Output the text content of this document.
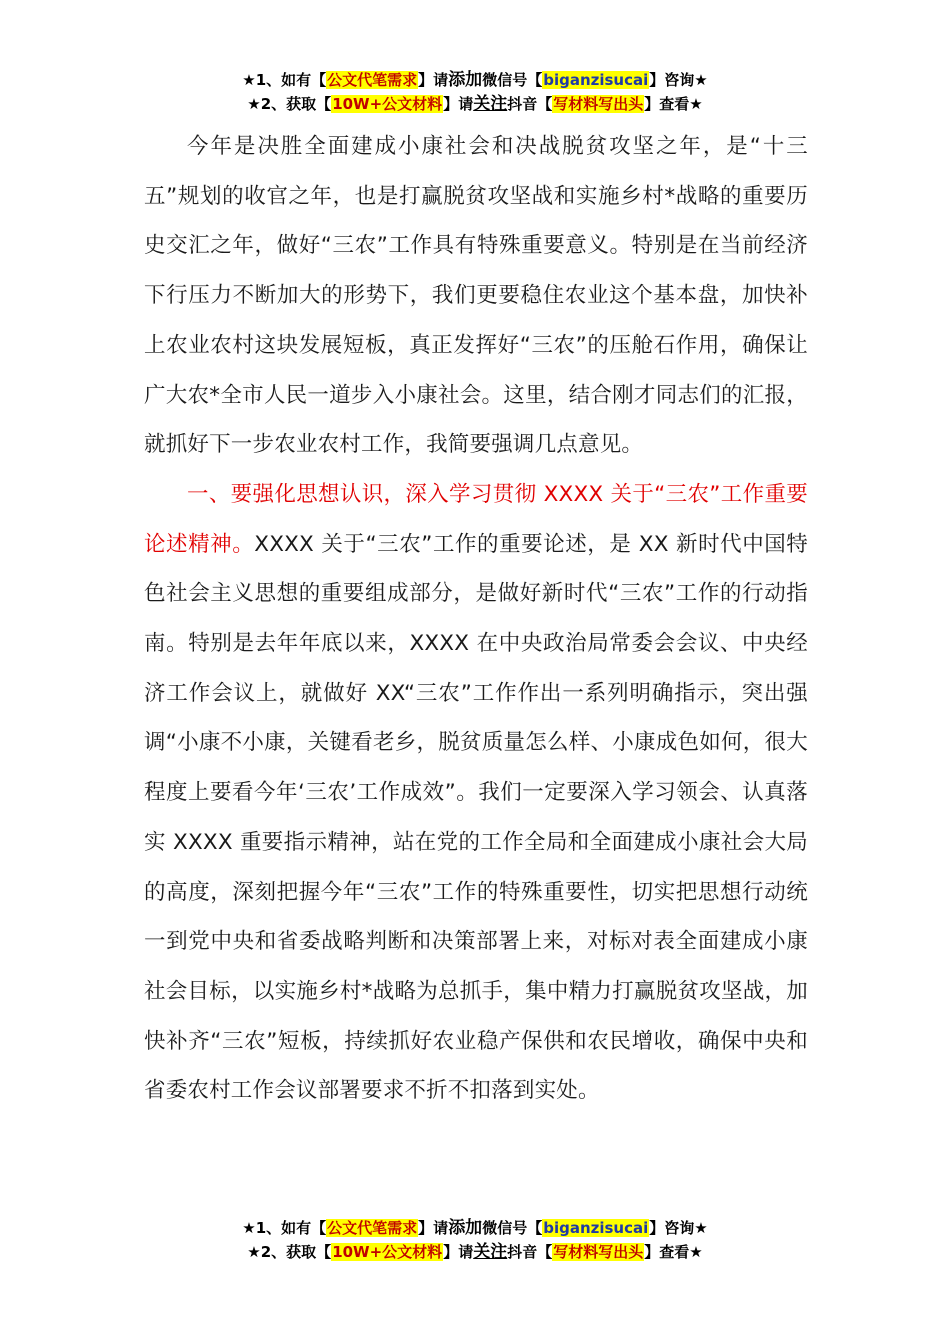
★1、如有【公文代笔需求】请添加微信号【biganzisucai】咨询★
★2、获取【10W+公文材料】请关注抖音【写材料写出头】查看★

今年是决胜全面建成小康社会和决战脱贫攻坚之年，是“十三五”规划的收官之年，也是打赢脱贫攻坚战和实施乡村*战略的重要历史交汇之年，做好“三农”工作具有特殊重要意义。特别是在当前经济下行压力不断加大的形势下，我们更要稳住农业这个基本盘，加快补上农业农村这块发展短板，真正发挥好“三农”的压舱石作用，确保让广大农*全市人民一道步入小康社会。这里，结合刚才同志们的汇报，就抓好下一步农业农村工作，我简要强调几点意见。

一、要强化思想认识，深入学习贯彻 XXXX 关于“三农”工作重要论述精神。XXXX 关于“三农”工作的重要论述，是 XX 新时代中国特色社会主义思想的重要组成部分，是做好新时代“三农”工作的行动指南。特别是去年年底以来，XXXX 在中央政治局常委会会议、中央经济工作会议上，就做好 XX“三农”工作作出一系列明确指示，突出强调“小康不小康，关键看老乡，脱贫质量怎么样、小康成色如何，很大程度上要看今年‘三农’工作成效”。我们一定要深入学习领会、认真落实 XXXX 重要指示精神，站在党的工作全局和全面建成小康社会大局的高度，深刻把握今年“三农”工作的特殊重要性，切实把思想行动统一到党中央和省委战略判断和决策部署上来，对标对表全面建成小康社会目标，以实施乡村*战略为总抓手，集中精力打赢脱贫攻坚战，加快补齐“三农”短板，持续抓好农业稳产保供和农民增收，确保中央和省委农村工作会议部署要求不折不扣落到实处。

★1、如有【公文代笔需求】请添加微信号【biganzisucai】咨询★
★2、获取【10W+公文材料】请关注抖音【写材料写出头】查看★
